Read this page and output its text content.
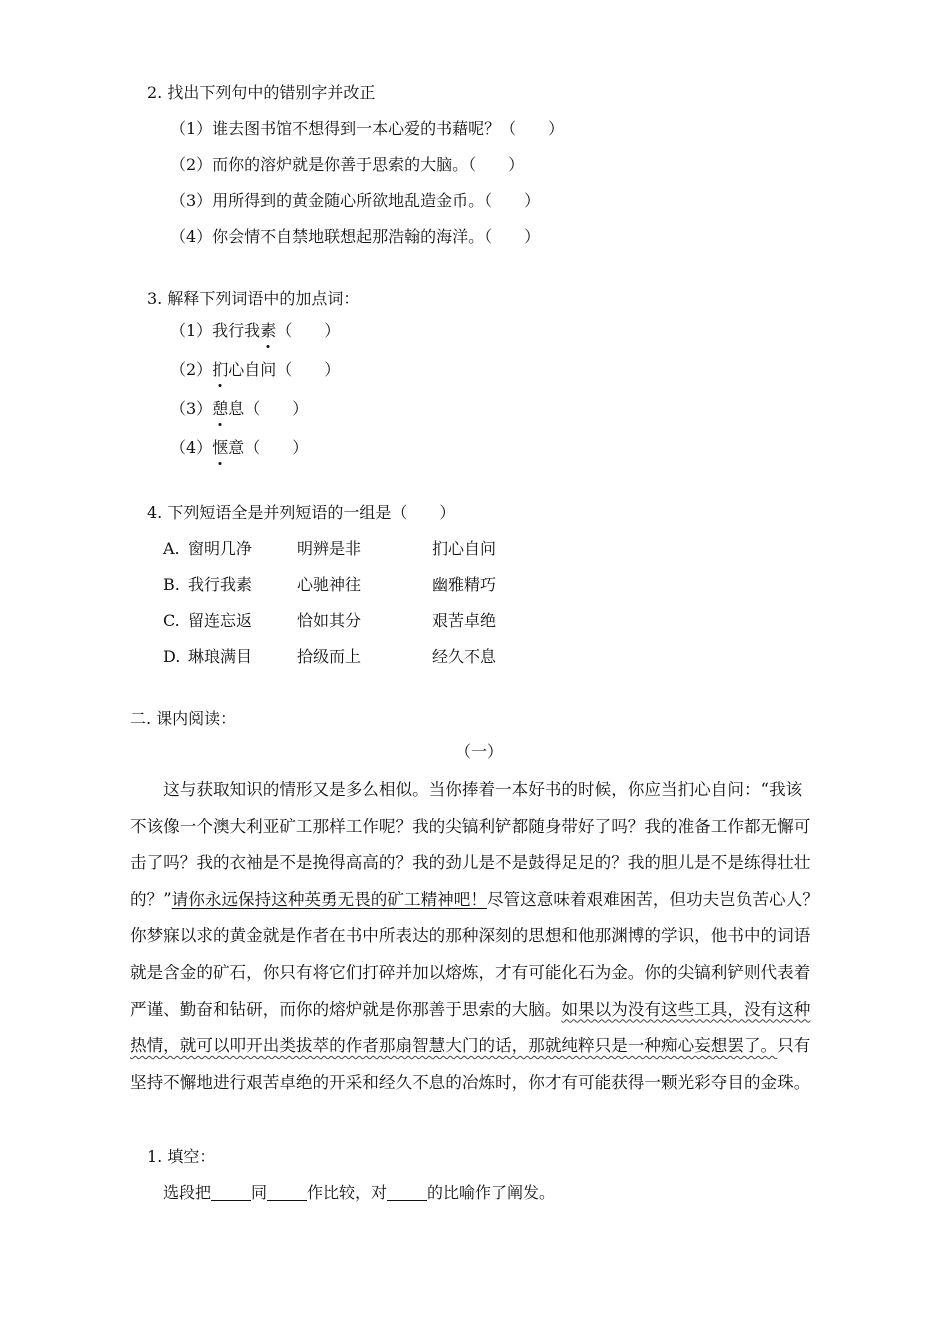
2. 找出下列句中的错别字并改正
（1）谁去图书馆不想得到一本心爱的书藉呢？（　　）
（2）而你的溶炉就是你善于思索的大脑。（　　）
（3）用所得到的黄金随心所欲地乱造金币。（　　）
（4）你会情不自禁地联想起那浩翰的海洋。（　　）
3. 解释下列词语中的加点词：
（1）我行我素（　　）
（2）扪心自问（　　）
（3）憩息（　　）
（4）惬意（　　）
4. 下列短语全是并列短语的一组是（　　）
A. 窗明几净	明辨是非	扪心自问
B. 我行我素	心驰神往	幽雅精巧
C. 留连忘返	恰如其分	艰苦卓绝
D. 琳琅满目	拾级而上	经久不息
二. 课内阅读：
（一）

　　这与获取知识的情形又是多么相似。当你捧着一本好书的时候，你应当扪心自问：“我该

不该像一个澳大利亚矿工那样工作呢？我的尖镐利铲都随身带好了吗？我的准备工作都无懈可

击了吗？我的衣袖是不是挽得高高的？我的劲儿是不是鼓得足足的？我的胆儿是不是练得壮壮

的？”请你永远保持这种英勇无畏的矿工精神吧！尽管这意味着艰难困苦，但功夫岂负苦心人？

你梦寐以求的黄金就是作者在书中所表达的那种深刻的思想和他那渊博的学识，他书中的词语

就是含金的矿石，你只有将它们打碎并加以熔炼，才有可能化石为金。你的尖镐利铲则代表着

严谨、勤奋和钻研，而你的熔炉就是你那善于思索的大脑。如果以为没有这些工具，没有这种

热情，就可以叩开出类拔萃的作者那扇智慧大门的话，那就纯粹只是一种痴心妄想罢了。只有

坚持不懈地进行艰苦卓绝的开采和经久不息的冶炼时，你才有可能获得一颗光彩夺目的金珠。

1. 填空：
选段把	同	作比较，对	的比喻作了阐发。
